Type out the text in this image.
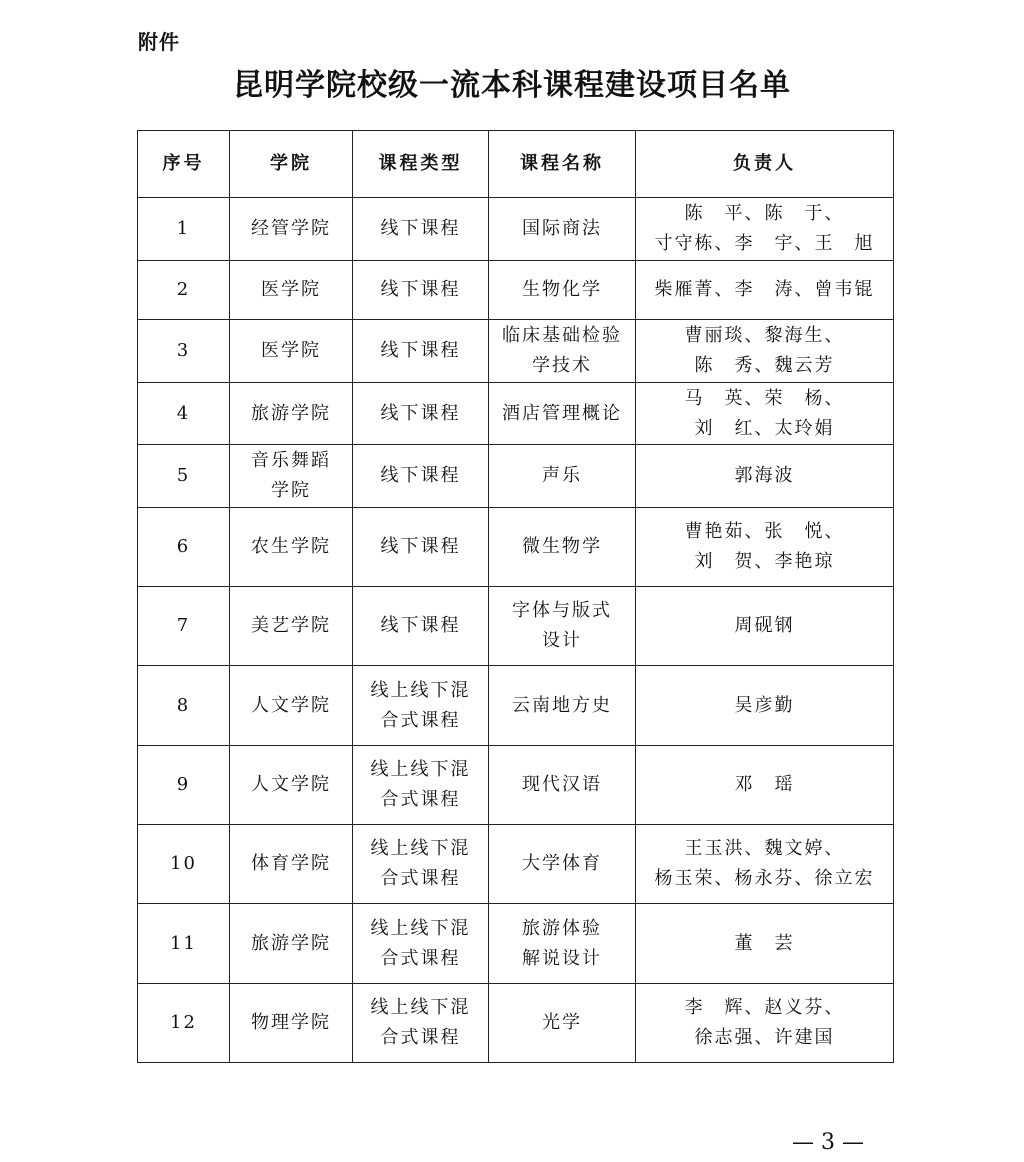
附件
昆明学院校级一流本科课程建设项目名单
序号	学院	课程类型	课程名称	负责人
1	经管学院	线下课程	国际商法	陈　平、陈　于、
寸守栋、李　宇、王　旭

2	医学院	线下课程	生物化学	柴雁菁、李　涛、曾韦锟

3	医学院	线下课程	临床基础检验
学技术	曹丽琰、黎海生、
陈　秀、魏云芳

4	旅游学院	线下课程	酒店管理概论	马　英、荣　杨、
刘　红、太玲娟

5	音乐舞蹈
学院	线下课程	声乐	郭海波

6	农生学院	线下课程	微生物学	曹艳茹、张　悦、
刘　贺、李艳琼

7	美艺学院	线下课程	字体与版式
设计	周砚钢

8	人文学院	线上线下混
合式课程	云南地方史	吴彦勤

9	人文学院	线上线下混
合式课程	现代汉语	邓　瑶

10	体育学院	线上线下混
合式课程	大学体育	王玉洪、魏文婷、
杨玉荣、杨永芬、徐立宏

11	旅游学院	线上线下混
合式课程	旅游体验
解说设计	董　芸

12	物理学院	线上线下混
合式课程	光学	李　辉、赵义芬、
徐志强、许建国
— 3 —
